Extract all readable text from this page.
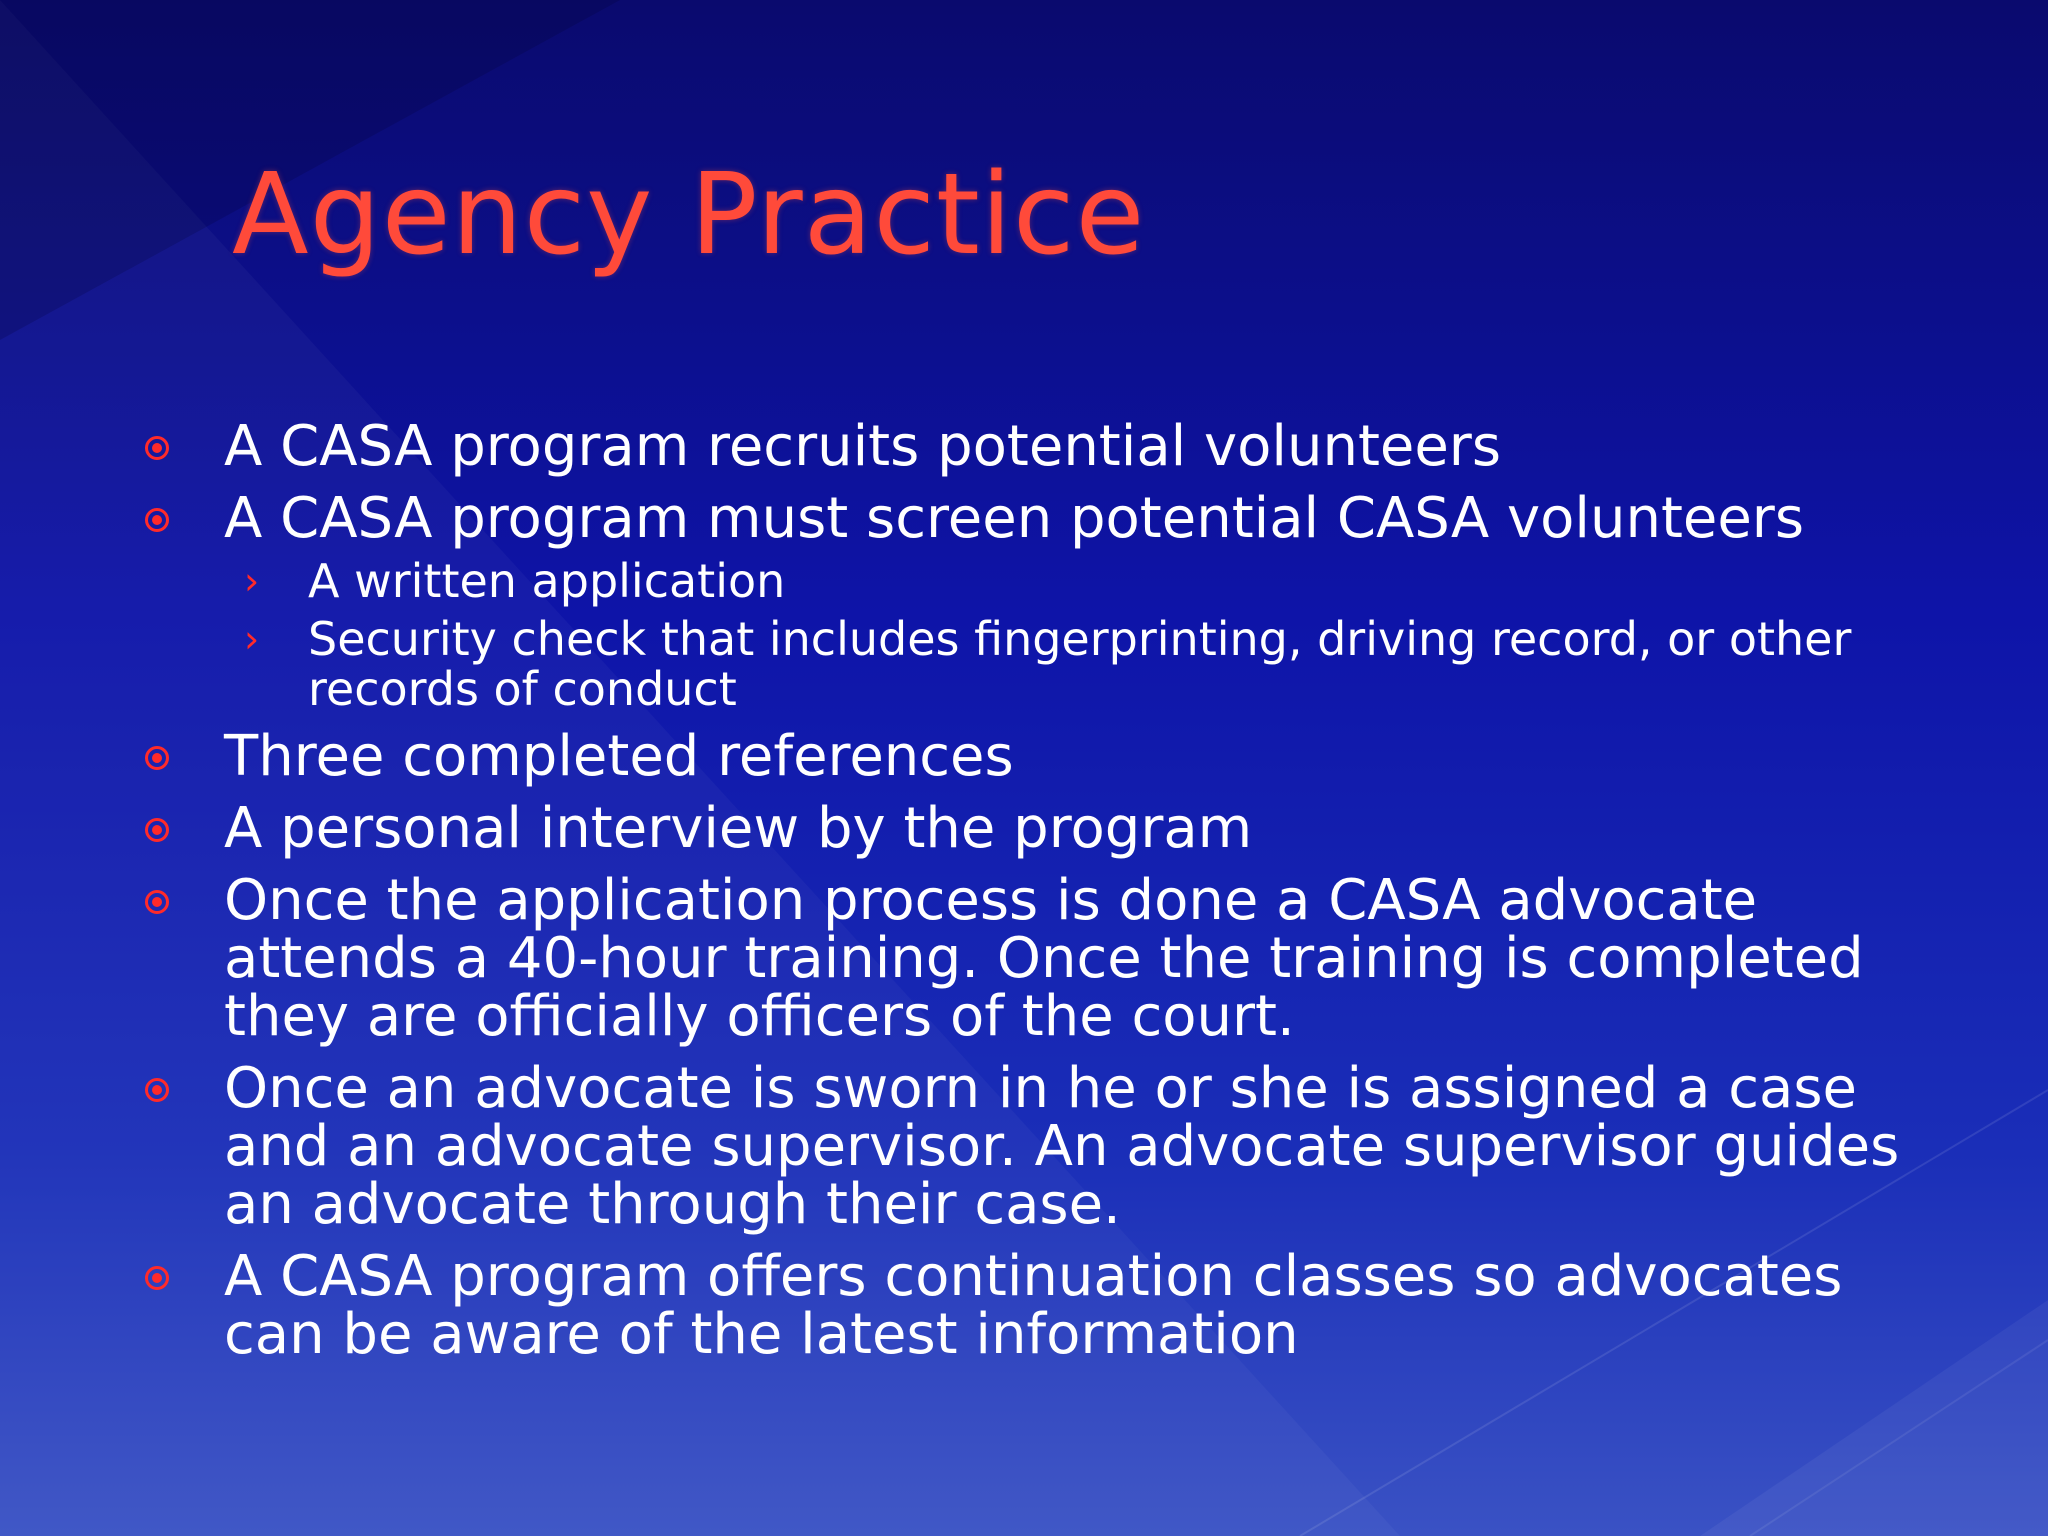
Agency Practice
A CASA program recruits potential volunteers
A CASA program must screen potential CASA volunteers
› A written application
› Security check that includes fingerprinting, driving record, or other records of conduct
Three completed references
A personal interview by the program
Once the application process is done a CASA advocate attends a 40-hour training. Once the training is completed they are officially officers of the court.
Once an advocate is sworn in he or she is assigned a case and an advocate supervisor. An advocate supervisor guides an advocate through their case.
A CASA program offers continuation classes so advocates can be aware of the latest information
